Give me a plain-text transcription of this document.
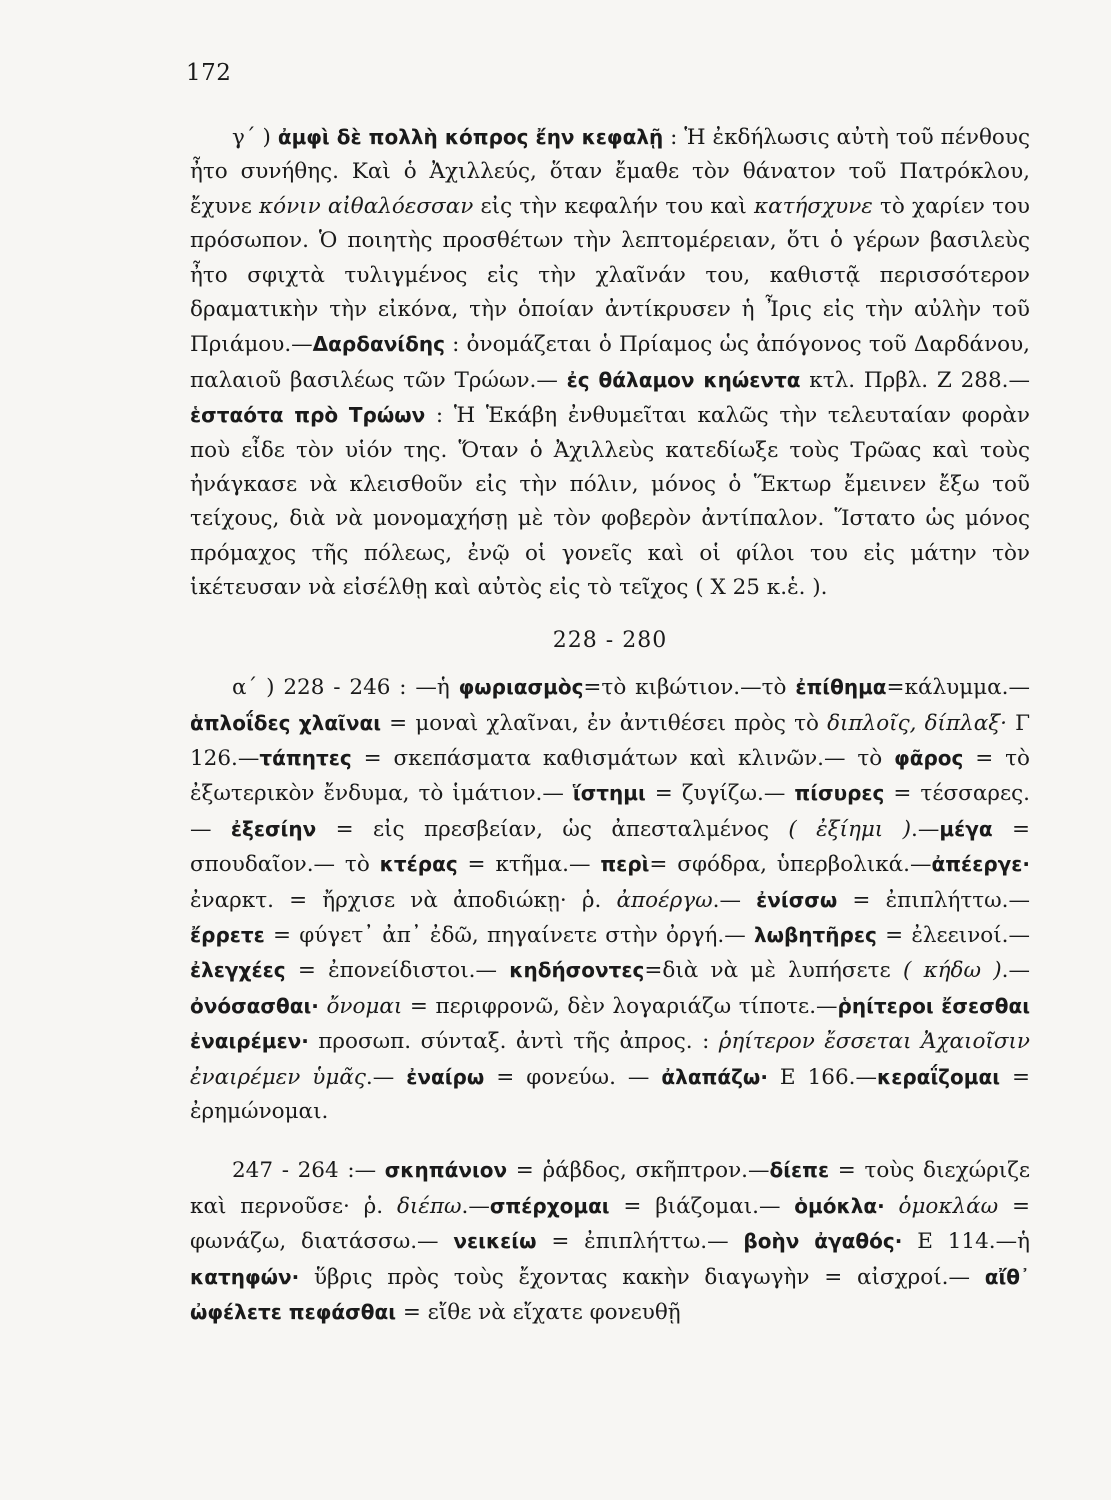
172

γ΄ ) ἀμφὶ δὲ πολλὴ κόπρος ἔην κεφαλῇ : Ἡ ἐκδήλωσις αὐτὴ τοῦ πένθους ἦτο συνήθης. Καὶ ὁ Ἀχιλλεύς, ὅταν ἔμαθε τὸν θάνατον τοῦ Πατρόκλου, ἔχυνε κόνιν αἰθαλόεσσαν εἰς τὴν κεφαλήν του καὶ κατήσχυνε τὸ χαρίεν του πρόσωπον. Ὁ ποιητὴς προσθέτων τὴν λεπτομέρειαν, ὅτι ὁ γέρων βασιλεὺς ἦτο σφιχτὰ τυλιγμένος εἰς τὴν χλαῖνάν του, καθιστᾷ περισσότερον δραματικὴν τὴν εἰκόνα, τὴν ὁποίαν ἀντίκρυσεν ἡ Ἶρις εἰς τὴν αὐλὴν τοῦ Πριάμου.—Δαρδανίδης : ὀνομάζεται ὁ Πρίαμος ὡς ἀπόγονος τοῦ Δαρδάνου, παλαιοῦ βασιλέως τῶν Τρώων.— ἐς θάλαμον κηώεντα κτλ. Πρβλ. Ζ 288.—ἑσταότα πρὸ Τρώων : Ἡ Ἑκάβη ἐνθυμεῖται καλῶς τὴν τελευταίαν φορὰν ποὺ εἶδε τὸν υἱόν της. Ὅταν ὁ Ἀχιλλεὺς κατεδίωξε τοὺς Τρῶας καὶ τοὺς ἠνάγκασε νὰ κλεισθοῦν εἰς τὴν πόλιν, μόνος ὁ Ἕκτωρ ἔμεινεν ἔξω τοῦ τείχους, διὰ νὰ μονομαχήσῃ μὲ τὸν φοβερὸν ἀντίπαλον. Ἵστατο ὡς μόνος πρόμαχος τῆς πόλεως, ἐνῷ οἱ γονεῖς καὶ οἱ φίλοι του εἰς μάτην τὸν ἱκέτευσαν νὰ εἰσέλθῃ καὶ αὐτὸς εἰς τὸ τεῖχος ( Χ 25 κ.ἑ. ).

228 - 280

α΄ ) 228 - 246 : —ἡ φωριασμὸς=τὸ κιβώτιον.—τὸ ἐπίθημα=κάλυμμα.— ἁπλοΐδες χλαῖναι = μοναὶ χλαῖναι, ἐν ἀντιθέσει πρὸς τὸ διπλοῖς, δίπλαξ· Γ 126.—τάπητες = σκεπάσματα καθισμάτων καὶ κλινῶν.— τὸ φᾶρος = τὸ ἐξωτερικὸν ἔνδυμα, τὸ ἱμάτιον.— ἵστημι = ζυγίζω.— πίσυρες = τέσσαρες.— ἐξεσίην = εἰς πρεσβείαν, ὡς ἀπεσταλμένος ( ἐξίημι ).—μέγα = σπουδαῖον.— τὸ κτέρας = κτῆμα.— περὶ= σφόδρα, ὑπερβολικά.—ἀπέεργε· ἐναρκτ. = ἤρχισε νὰ ἀποδιώκῃ· ῥ. ἀποέργω.— ἐνίσσω = ἐπιπλήττω.— ἔρρετε = φύγετ᾽ ἀπ᾽ ἐδῶ, πηγαίνετε στὴν ὀργή.— λωβητῆρες = ἐλεεινοί.— ἐλεγχέες = ἐπονείδιστοι.— κηδήσοντες=διὰ νὰ μὲ λυπήσετε ( κήδω ).—ὀνόσασθαι· ὄνομαι = περιφρονῶ, δὲν λογαριάζω τίποτε.—ῥηίτεροι ἔσεσθαι ἐναιρέμεν· προσωπ. σύνταξ. ἀντὶ τῆς ἀπρος. : ῥηίτερον ἔσσεται Ἀχαιοῖσιν ἐναιρέμεν ὑμᾶς.— ἐναίρω = φονεύω. — ἀλαπάζω· Ε 166.—κεραΐζομαι = ἐρημώνομαι.

247 - 264 :— σκηπάνιον = ῥάβδος, σκῆπτρον.—δίεπε = τοὺς διεχώριζε καὶ περνοῦσε· ῥ. διέπω.—σπέρχομαι = βιάζομαι.— ὁμόκλα· ὁμοκλάω = φωνάζω, διατάσσω.— νεικείω = ἐπιπλήττω.— βοὴν ἀγαθός· Ε 114.—ἡ κατηφών· ὕβρις πρὸς τοὺς ἔχοντας κακὴν διαγωγὴν = αἰσχροί.— αἴθ᾽ ὠφέλετε πεφάσθαι = εἴθε νὰ εἴχατε φονευθῇ
